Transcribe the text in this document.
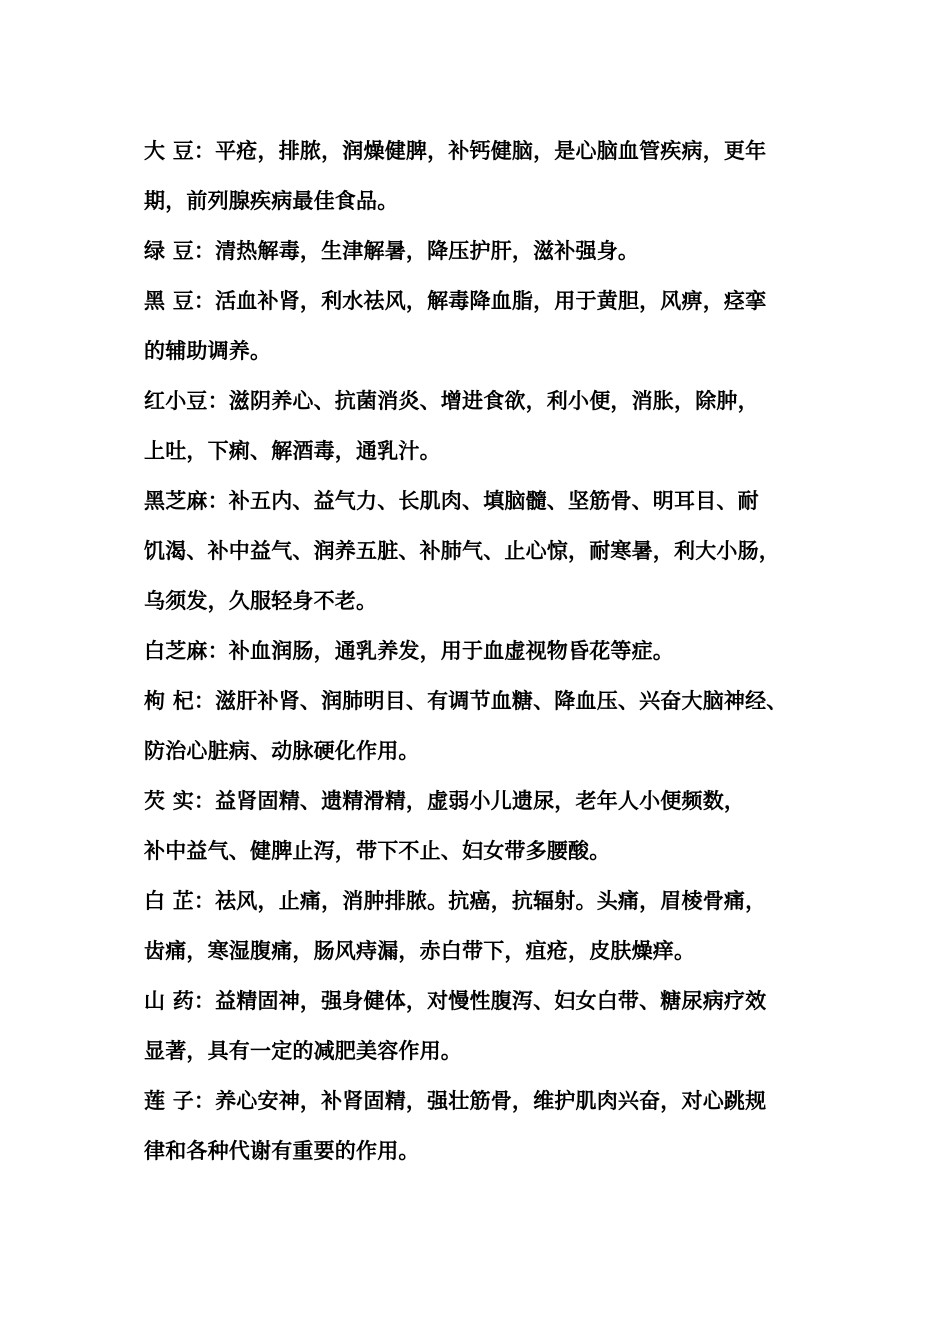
大 豆：平疮，排脓，润燥健脾，补钙健脑，是心脑血管疾病，更年
期，前列腺疾病最佳食品。
绿 豆：清热解毒，生津解暑，降压护肝，滋补强身。
黑 豆：活血补肾，利水祛风，解毒降血脂，用于黄胆，风痹，痉挛
的辅助调养。
红小豆：滋阴养心、抗菌消炎、增进食欲，利小便，消胀，除肿，
上吐，下痢、解酒毒，通乳汁。
黑芝麻：补五内、益气力、长肌肉、填脑髓、坚筋骨、明耳目、耐
饥渴、补中益气、润养五脏、补肺气、止心惊，耐寒暑，利大小肠，
乌须发，久服轻身不老。
白芝麻：补血润肠，通乳养发，用于血虚视物昏花等症。
枸 杞：滋肝补肾、润肺明目、有调节血糖、降血压、兴奋大脑神经、
防治心脏病、动脉硬化作用。
芡 实：益肾固精、遗精滑精，虚弱小儿遗尿，老年人小便频数，
补中益气、健脾止泻，带下不止、妇女带多腰酸。
白 芷：祛风，止痛，消肿排脓。抗癌，抗辐射。头痛，眉棱骨痛，
齿痛，寒湿腹痛，肠风痔漏，赤白带下，疽疮，皮肤燥痒。
山 药：益精固神，强身健体，对慢性腹泻、妇女白带、糖尿病疗效
显著，具有一定的减肥美容作用。
莲 子：养心安神，补肾固精，强壮筋骨，维护肌肉兴奋，对心跳规
律和各种代谢有重要的作用。
